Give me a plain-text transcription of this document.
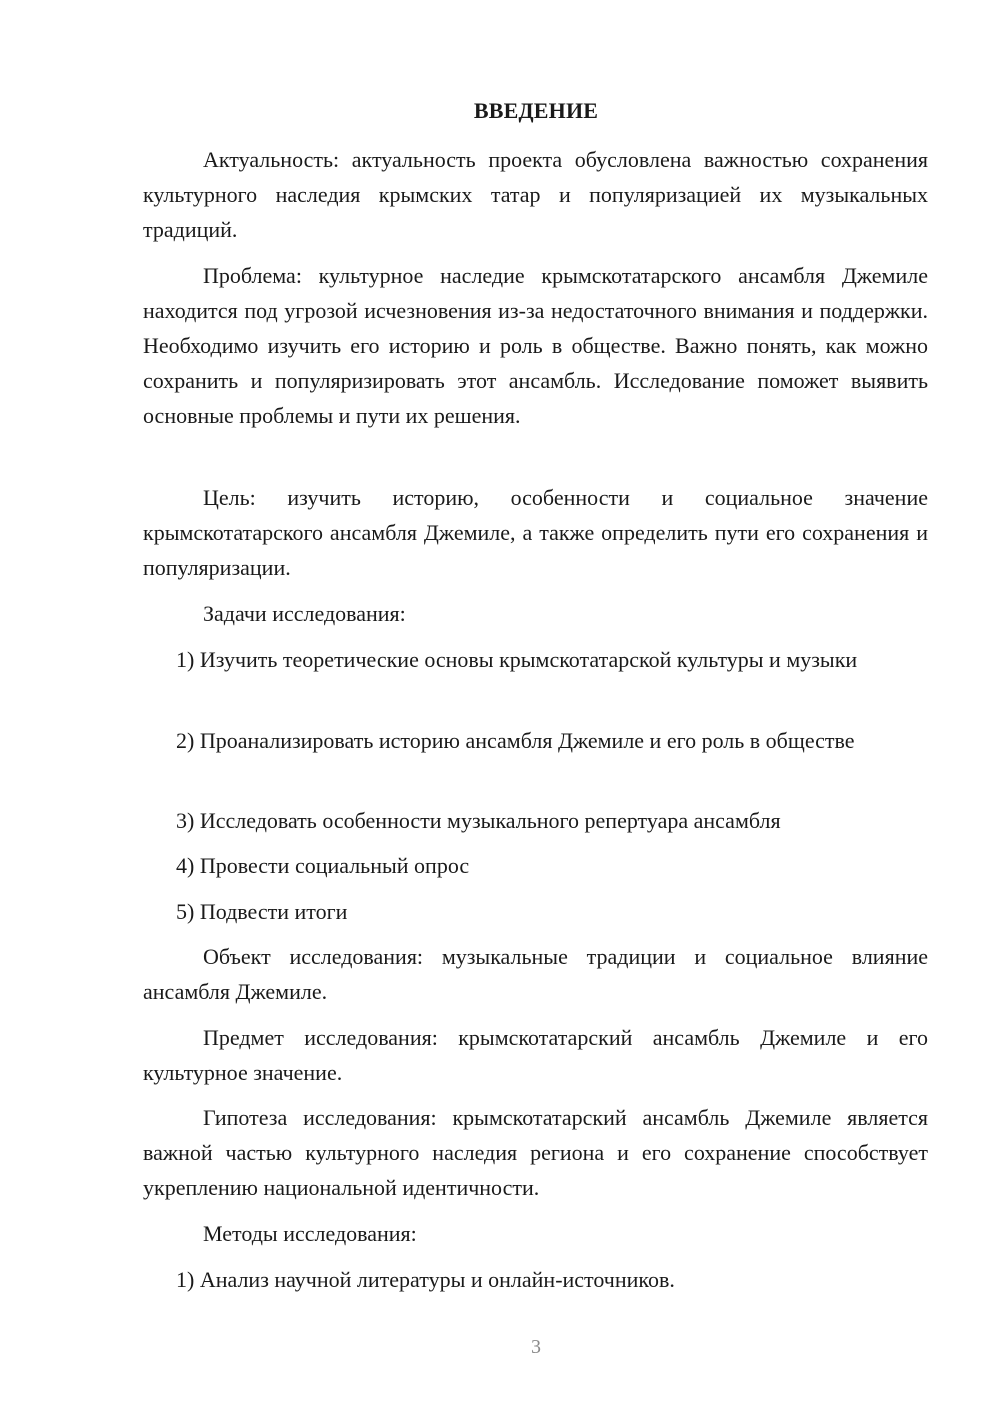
ВВЕДЕНИЕ

Актуальность: актуальность проекта обусловлена важностью сохранения культурного наследия крымских татар и популяризацией их музыкальных традиций.

Проблема: культурное наследие крымскотатарского ансамбля Джемиле находится под угрозой исчезновения из-за недостаточного внимания и поддержки. Необходимо изучить его историю и роль в обществе. Важно понять, как можно сохранить и популяризировать этот ансамбль. Исследование поможет выявить основные проблемы и пути их решения.

Цель: изучить историю, особенности и социальное значение крымскотатарского ансамбля Джемиле, а также определить пути его сохранения и популяризации.

Задачи исследования:

1) Изучить теоретические основы крымскотатарской культуры и музыки

2) Проанализировать историю ансамбля Джемиле и его роль в обществе

3) Исследовать особенности музыкального репертуара ансамбля

4) Провести социальный опрос

5) Подвести итоги

Объект исследования: музыкальные традиции и социальное влияние ансамбля Джемиле.

Предмет исследования: крымскотатарский ансамбль Джемиле и его культурное значение.

Гипотеза исследования: крымскотатарский ансамбль Джемиле является важной частью культурного наследия региона и его сохранение способствует укреплению национальной идентичности.

Методы исследования:

1) Анализ научной литературы и онлайн-источников.

3
